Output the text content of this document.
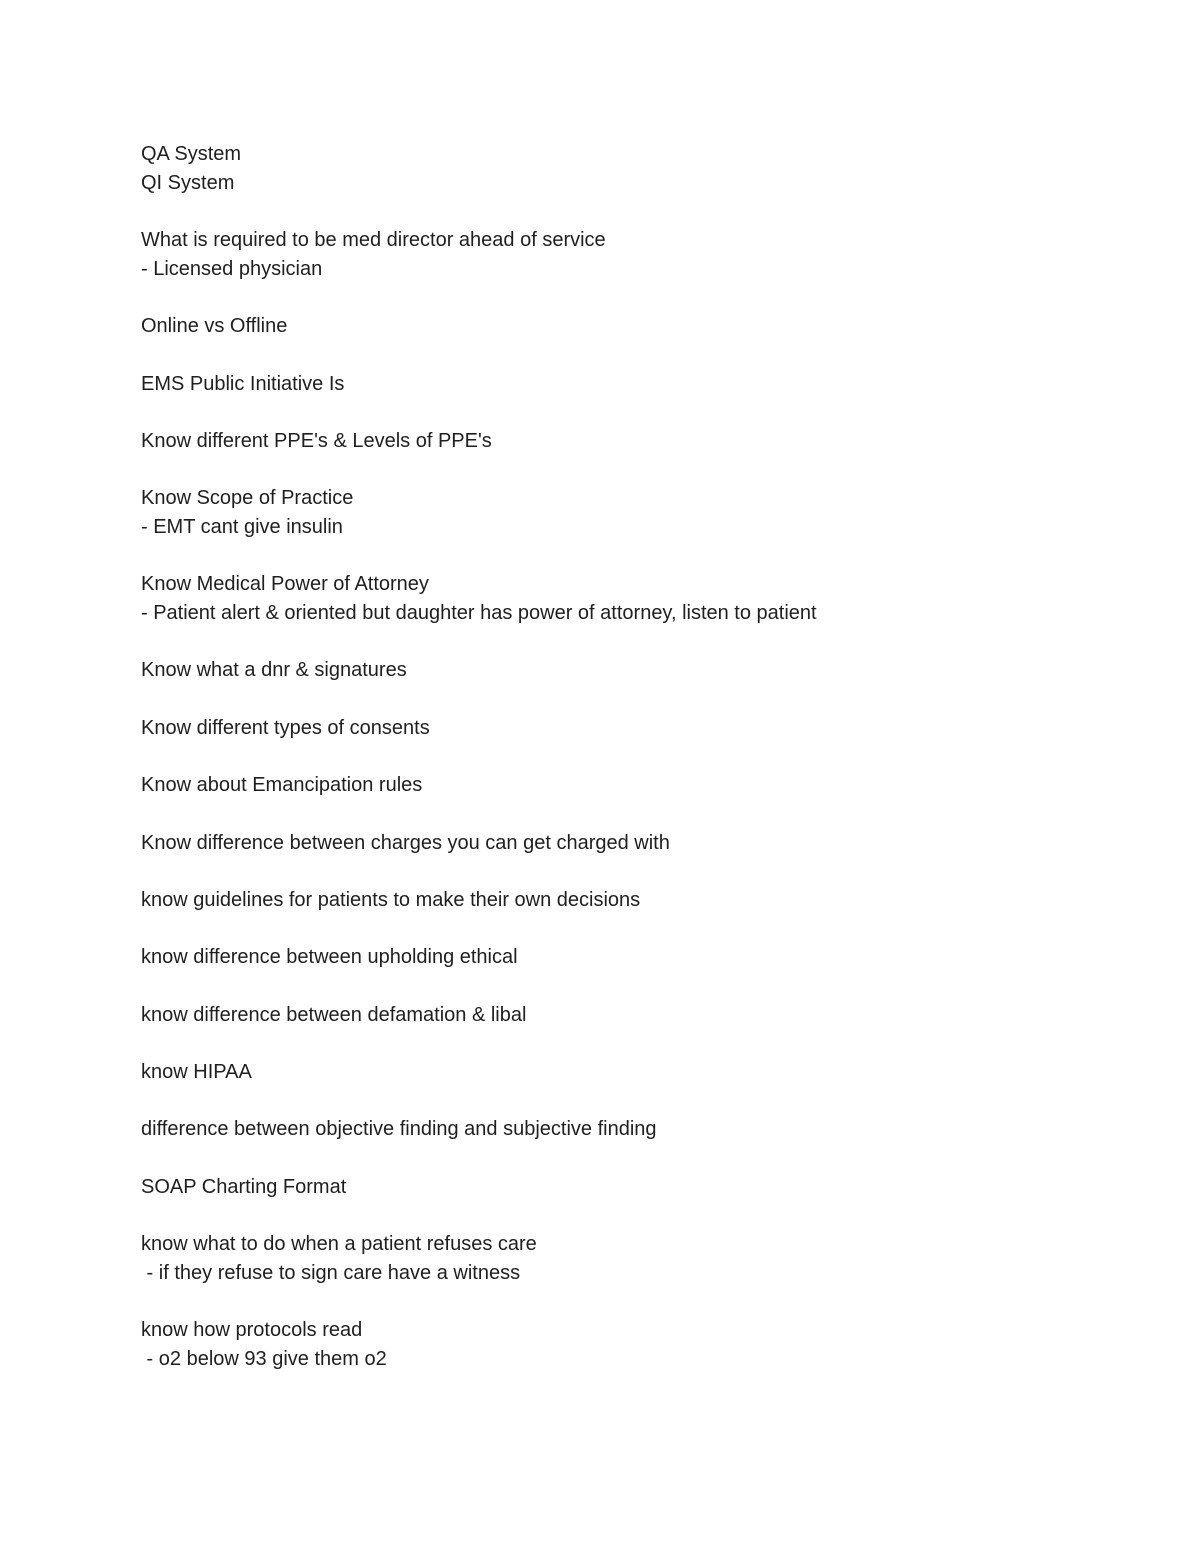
QA System
QI System
What is required to be med director ahead of service
- Licensed physician
Online vs Offline
EMS Public Initiative Is
Know different PPE's & Levels of PPE's
Know Scope of Practice
- EMT cant give insulin
Know Medical Power of Attorney
- Patient alert & oriented but daughter has power of attorney, listen to patient
Know what a dnr & signatures
Know different types of consents
Know about Emancipation rules
Know difference between charges you can get charged with
know guidelines for patients to make their own decisions
know difference between upholding ethical
know difference between defamation & libal
know HIPAA
difference between objective finding and subjective finding
SOAP Charting Format
know what to do when a patient refuses care
- if they refuse to sign care have a witness
know how protocols read
- o2 below 93 give them o2
